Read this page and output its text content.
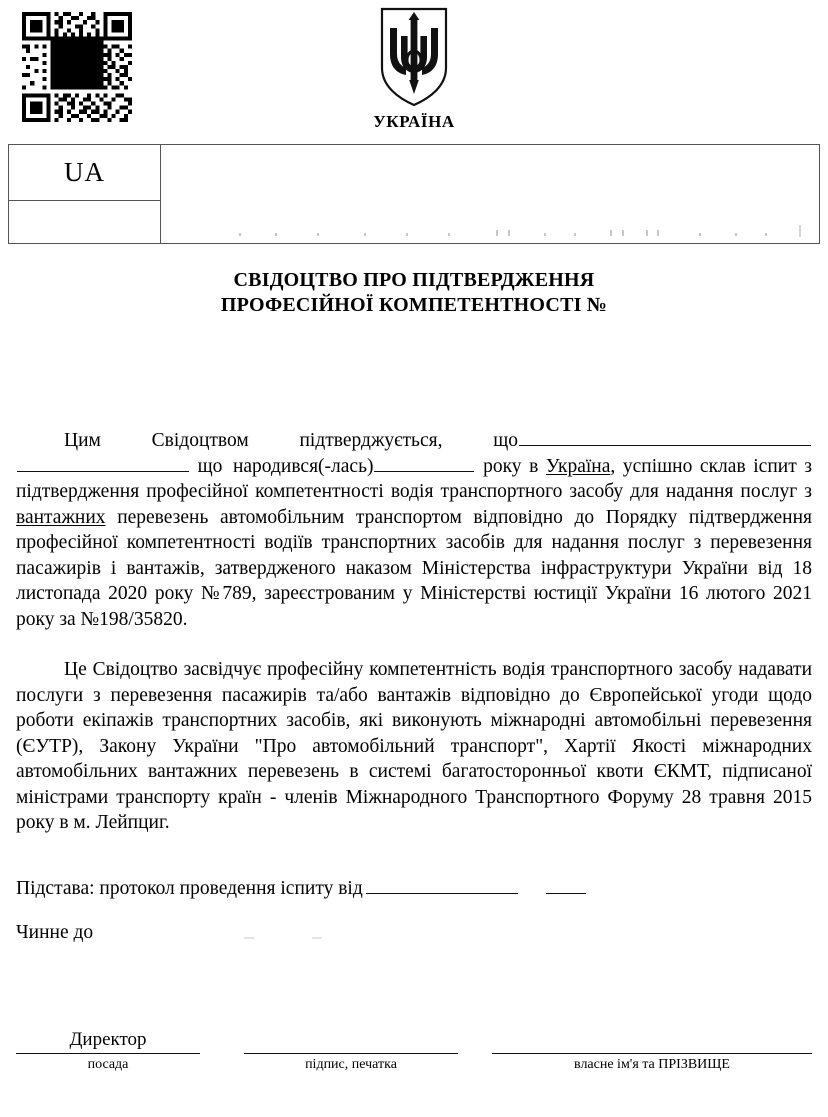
УКРАЇНА
UA
СВІДОЦТВО ПРО ПІДТВЕРДЖЕННЯ
ПРОФЕСІЙНОЇ КОМПЕТЕНТНОСТІ №

Цим Свідоцтвом підтверджується, що що народився(-лась)	року в Україна, успішно склав іспит з підтвердження професійної компетентності водія транспортного засобу для надання послуг з вантажних перевезень автомобільним транспортом відповідно до Порядку підтвердження професійної компетентності водіїв транспортних засобів для надання послуг з перевезення пасажирів і вантажів, затвердженого наказом Міністерства інфраструктури України від 18 листопада 2020 року №789, зареєстрованим у Міністерстві юстиції України 16 лютого 2021 року за №198/35820.

Це Свідоцтво засвідчує професійну компетентність водія транспортного засобу надавати послуги з перевезення пасажирів та/або вантажів відповідно до Європейської угоди щодо роботи екіпажів транспортних засобів, які виконують міжнародні автомобільні перевезення (ЄУТР), Закону України "Про автомобільний транспорт", Хартії Якості міжнародних автомобільних вантажних перевезень в системі багатосторонньої квоти ЄКМТ, підписаної міністрами транспорту країн - членів Міжнародного Транспортного Форуму 28 травня 2015 року в м. Лейпциг.

Підстава: протокол проведення іспиту від
Чинне до
Директор
посада	підпис, печатка	власне ім'я та ПРІЗВИЩЕ
